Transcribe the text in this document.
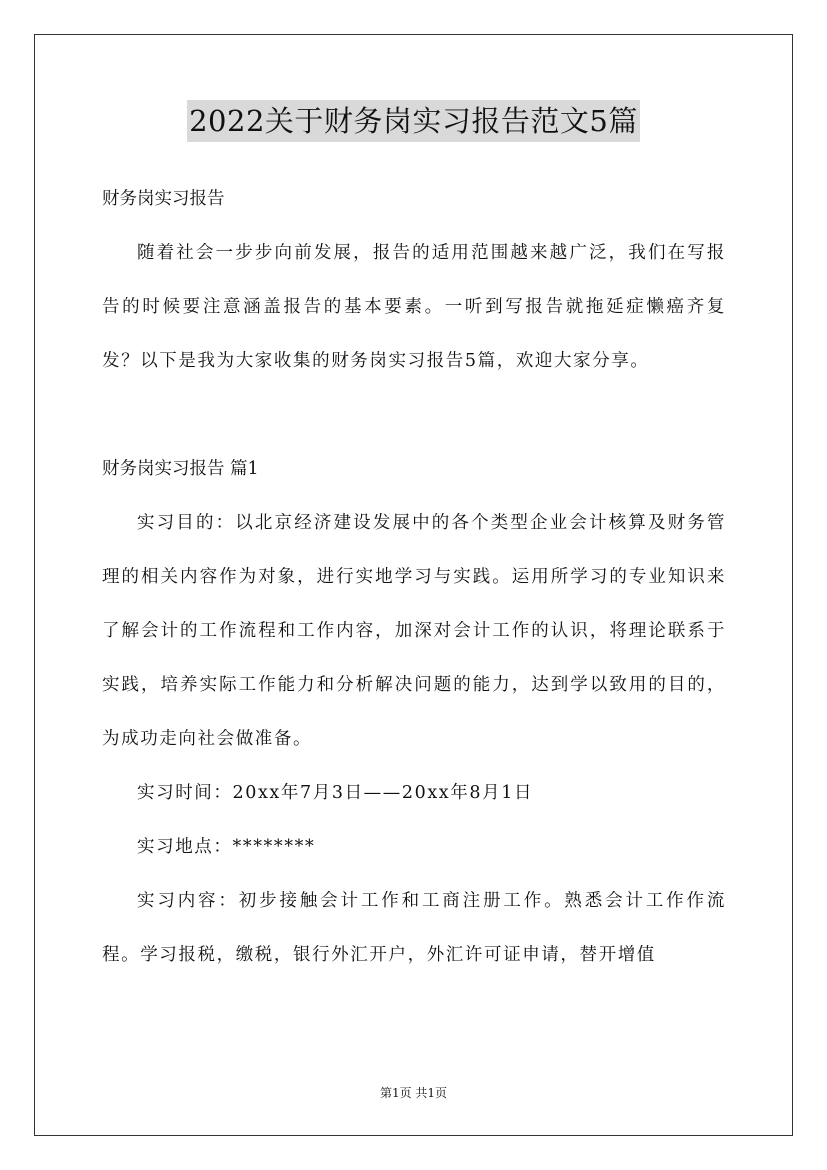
2022关于财务岗实习报告范文5篇

财务岗实习报告

随着社会一步步向前发展，报告的适用范围越来越广泛，我们在写报告的时候要注意涵盖报告的基本要素。一听到写报告就拖延症懒癌齐复发？以下是我为大家收集的财务岗实习报告5篇，欢迎大家分享。

财务岗实习报告 篇1

实习目的：以北京经济建设发展中的各个类型企业会计核算及财务管理的相关内容作为对象，进行实地学习与实践。运用所学习的专业知识来了解会计的工作流程和工作内容，加深对会计工作的认识，将理论联系于实践，培养实际工作能力和分析解决问题的能力，达到学以致用的目的，为成功走向社会做准备。

实习时间：20xx年7月3日——20xx年8月1日

实习地点：********

实习内容：初步接触会计工作和工商注册工作。熟悉会计工作作流程。学习报税，缴税，银行外汇开户，外汇许可证申请，替开增值

第1页 共1页
